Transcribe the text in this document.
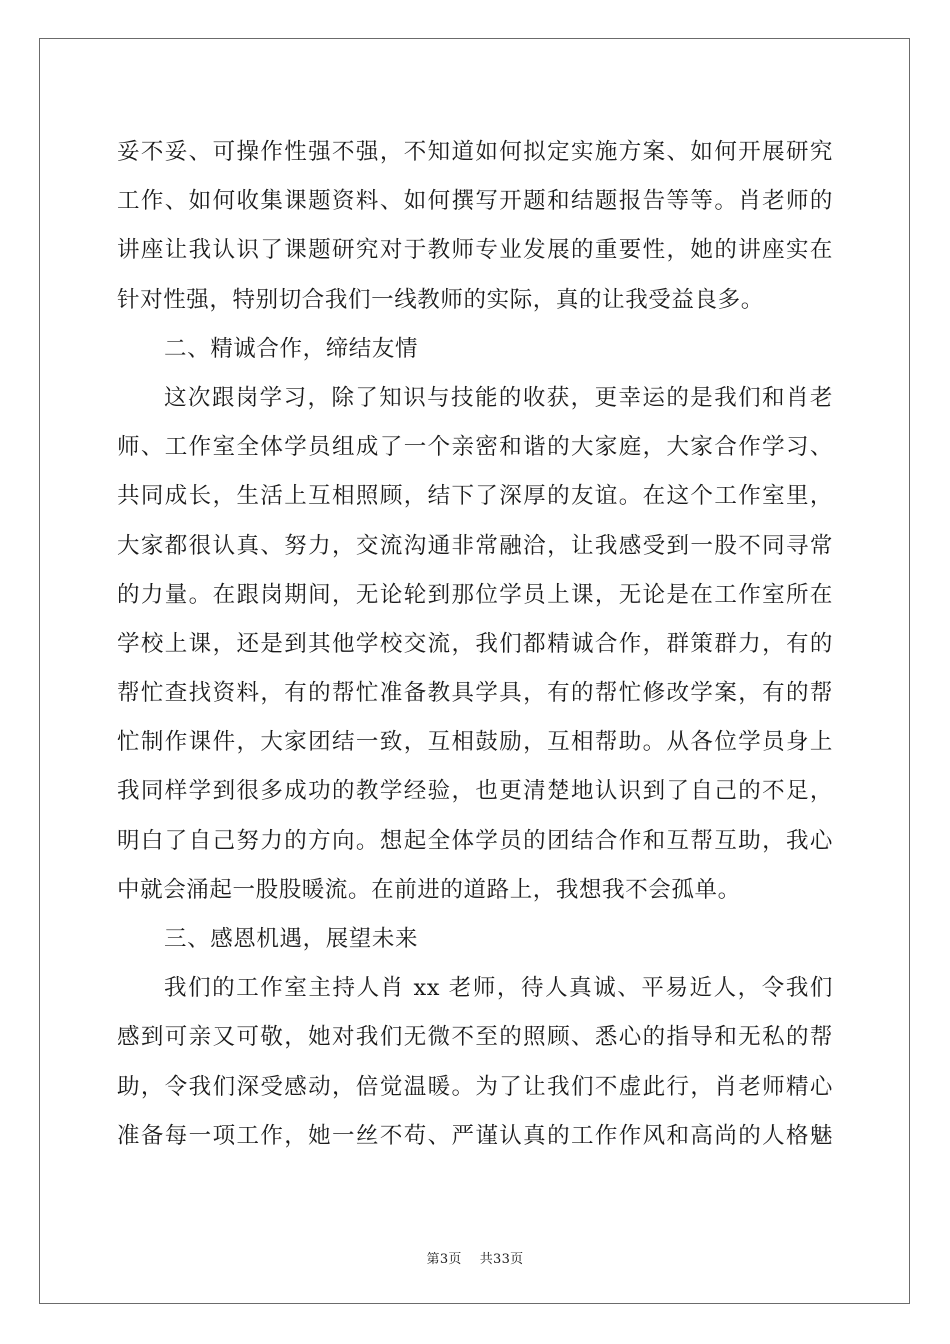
妥不妥、可操作性强不强，不知道如何拟定实施方案、如何开展研究
工作、如何收集课题资料、如何撰写开题和结题报告等等。肖老师的
讲座让我认识了课题研究对于教师专业发展的重要性，她的讲座实在
针对性强，特别切合我们一线教师的实际，真的让我受益良多。
二、精诚合作，缔结友情
这次跟岗学习，除了知识与技能的收获，更幸运的是我们和肖老
师、工作室全体学员组成了一个亲密和谐的大家庭，大家合作学习、
共同成长，生活上互相照顾，结下了深厚的友谊。在这个工作室里，
大家都很认真、努力，交流沟通非常融洽，让我感受到一股不同寻常
的力量。在跟岗期间，无论轮到那位学员上课，无论是在工作室所在
学校上课，还是到其他学校交流，我们都精诚合作，群策群力，有的
帮忙查找资料，有的帮忙准备教具学具，有的帮忙修改学案，有的帮
忙制作课件，大家团结一致，互相鼓励，互相帮助。从各位学员身上
我同样学到很多成功的教学经验，也更清楚地认识到了自己的不足，
明白了自己努力的方向。想起全体学员的团结合作和互帮互助，我心
中就会涌起一股股暖流。在前进的道路上，我想我不会孤单。
三、感恩机遇，展望未来
我们的工作室主持人肖 xx 老师，待人真诚、平易近人，令我们
感到可亲又可敬，她对我们无微不至的照顾、悉心的指导和无私的帮
助，令我们深受感动，倍觉温暖。为了让我们不虚此行，肖老师精心
准备每一项工作，她一丝不苟、严谨认真的工作作风和高尚的人格魅
第3页 共33页
